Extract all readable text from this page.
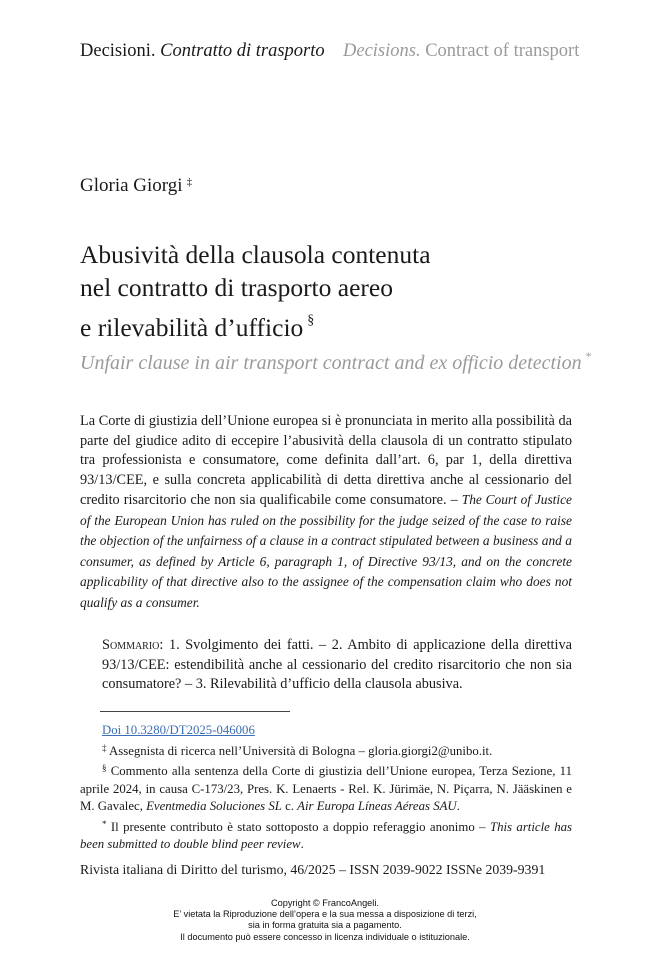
Decisioni. Contratto di trasporto Decisions. Contract of transport
Gloria Giorgi ‡
Abusività della clausola contenuta
nel contratto di trasporto aereo
e rilevabilità d’ufficio §
Unfair clause in air transport contract and ex officio detection *

La Corte di giustizia dell’Unione europea si è pronunciata in merito alla possibilità da parte del giudice adito di eccepire l’abusività della clausola di un contratto stipulato tra professionista e consumatore, come definita dall’art. 6, par 1, della direttiva 93/13/CEE, e sulla concreta applicabilità di detta direttiva anche al cessionario del credito risarcitorio che non sia qualificabile come consumatore. – The Court of Justice of the European Union has ruled on the possibility for the judge seized of the case to raise the objection of the unfairness of a clause in a contract stipulated between a business and a consumer, as defined by Article 6, paragraph 1, of Directive 93/13, and on the concrete applicability of that directive also to the assignee of the compensation claim who does not qualify as a consumer.

Sommario: 1. Svolgimento dei fatti. – 2. Ambito di applicazione della direttiva 93/13/CEE: estendibilità anche al cessionario del credito risarcitorio che non sia consumatore? – 3. Rilevabilità d’ufficio della clausola abusiva.

Doi 10.3280/DT2025-046006
‡ Assegnista di ricerca nell’Università di Bologna – gloria.giorgi2@unibo.it.
§ Commento alla sentenza della Corte di giustizia dell’Unione europea, Terza Sezione, 11 aprile 2024, in causa C-173/23, Pres. K. Lenaerts - Rel. K. Jürimäe, N. Piçarra, N. Jääskinen e M. Gavalec, Eventmedia Soluciones SL c. Air Europa Líneas Aéreas SAU.
* Il presente contributo è stato sottoposto a doppio referaggio anonimo – This article has been submitted to double blind peer review.
Rivista italiana di Diritto del turismo, 46/2025 – ISSN 2039-9022 ISSNe 2039-9391
Copyright © FrancoAngeli.
E’ vietata la Riproduzione dell’opera e la sua messa a disposizione di terzi,
sia in forma gratuita sia a pagamento.
Il documento può essere concesso in licenza individuale o istituzionale.
